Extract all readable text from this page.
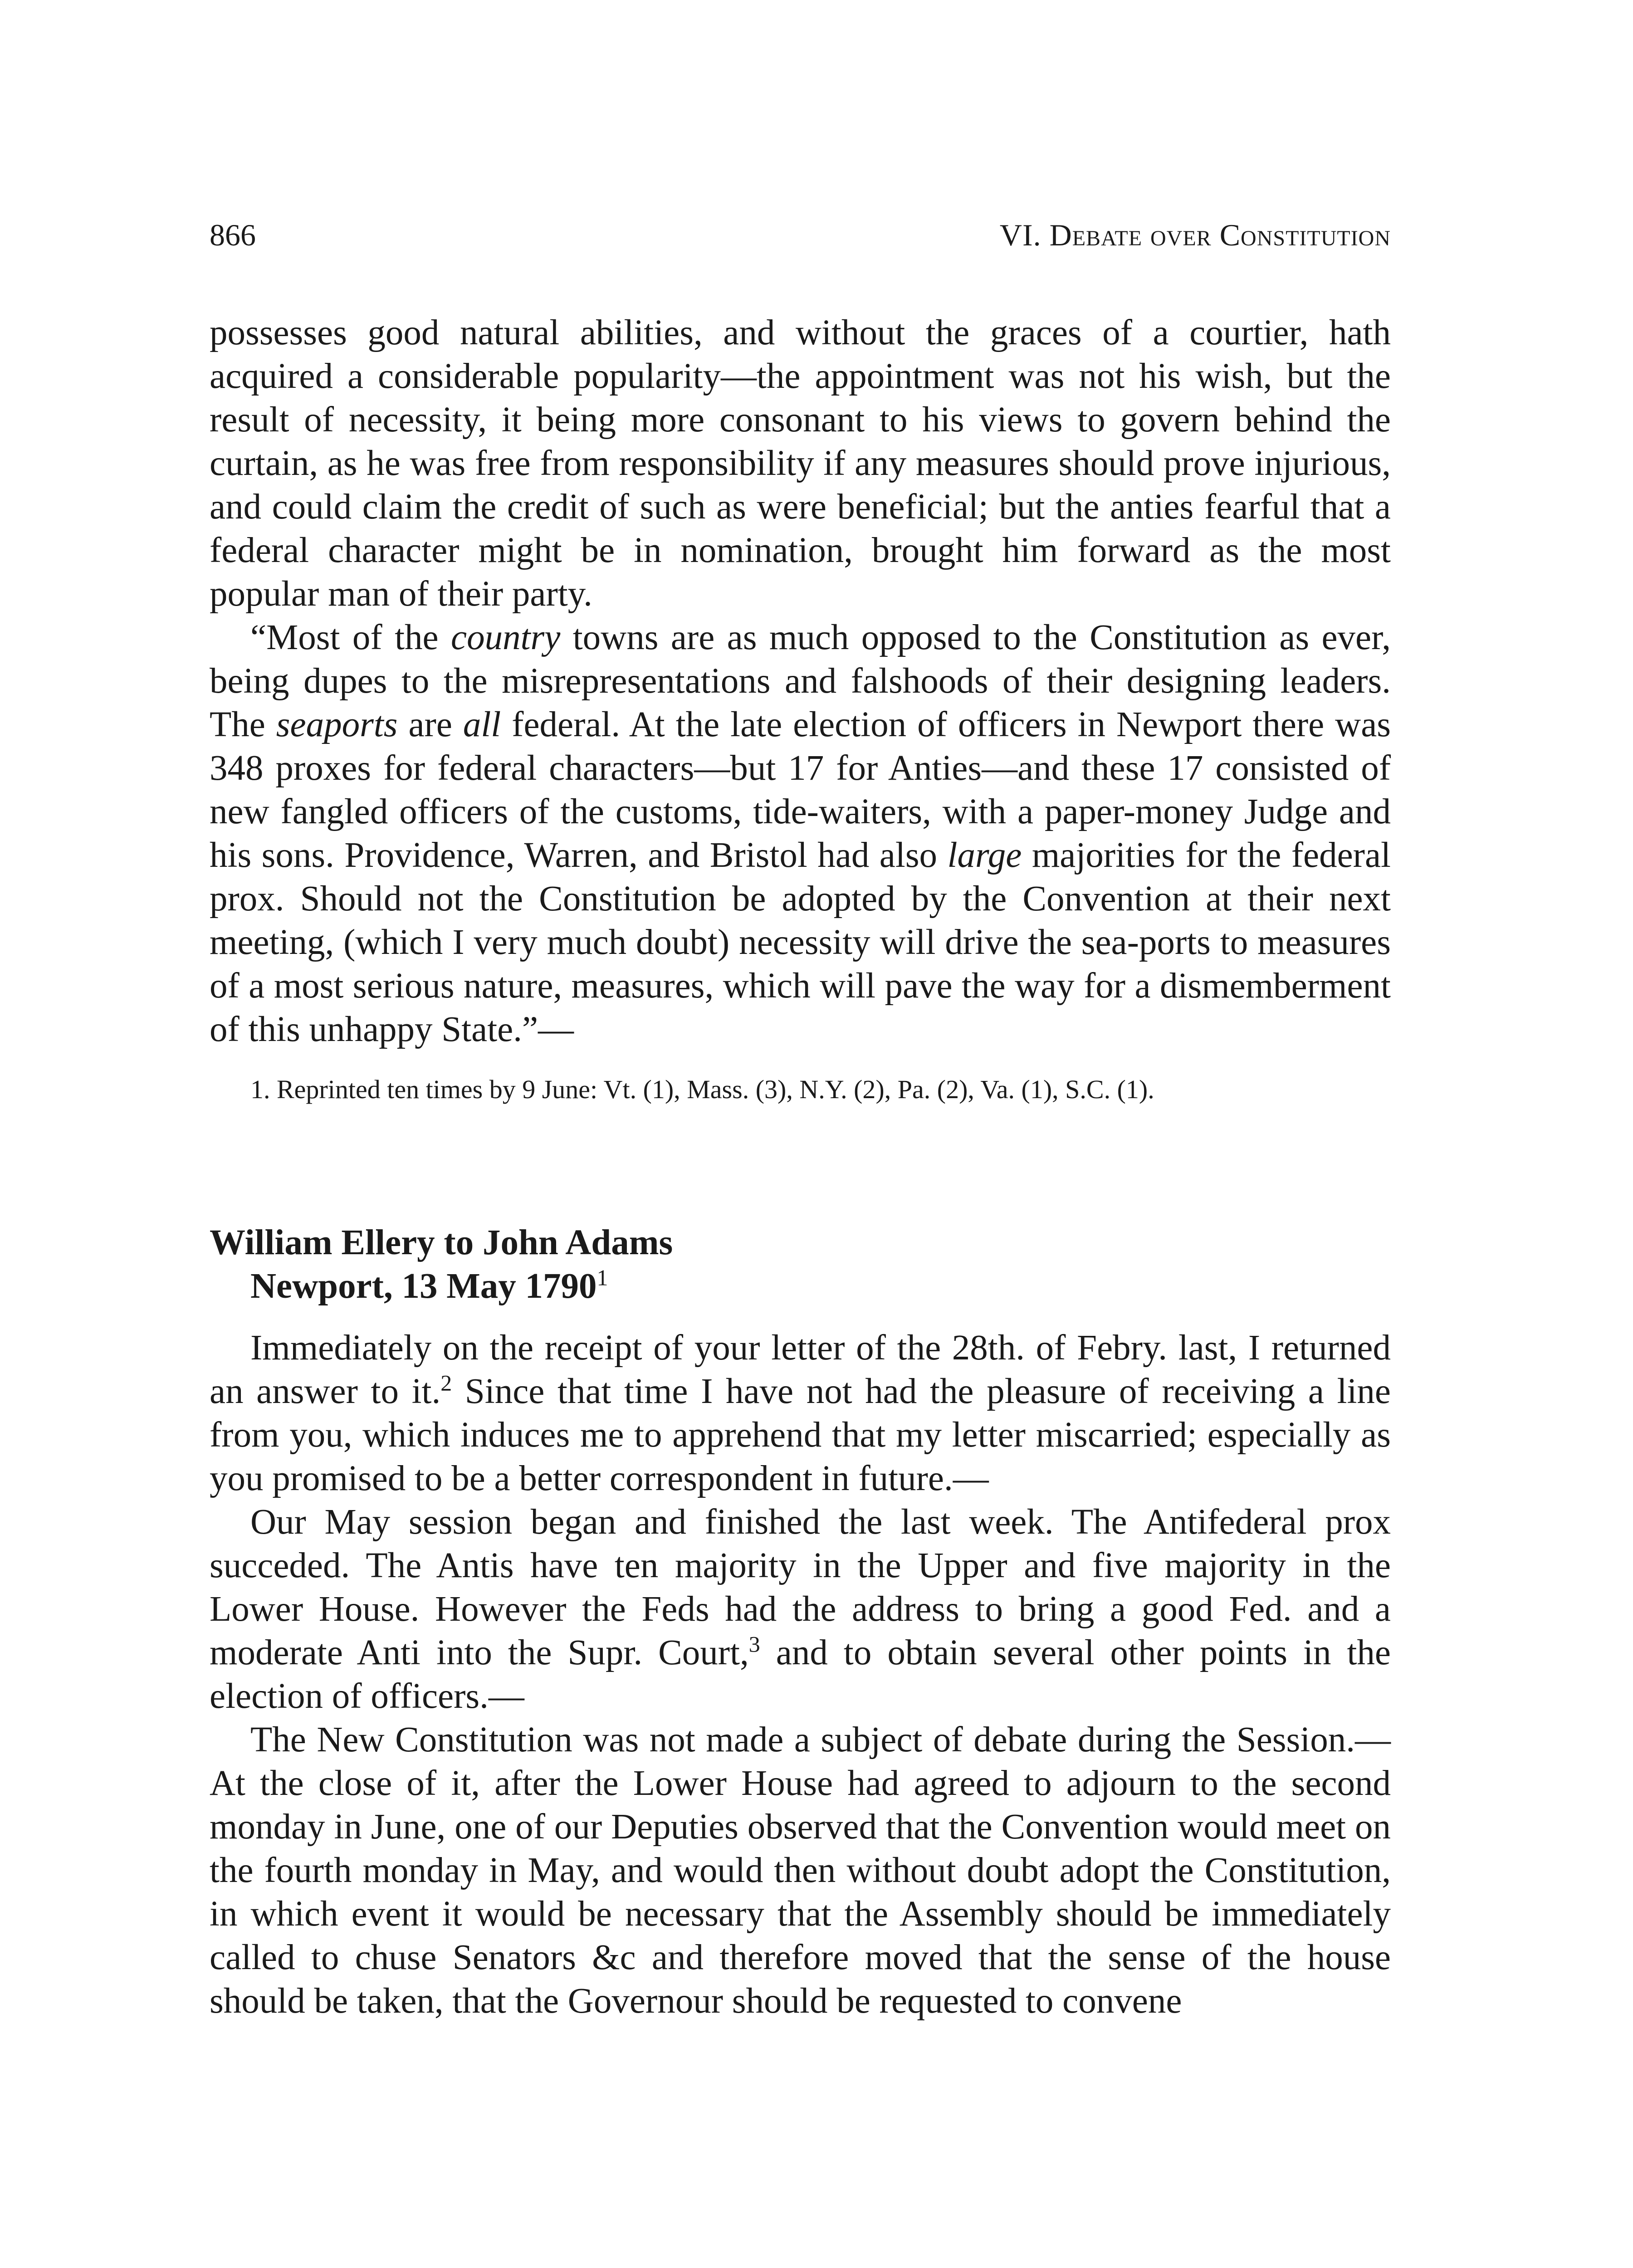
866	VI. Debate over Constitution

possesses good natural abilities, and without the graces of a courtier, hath acquired a considerable popularity—the appointment was not his wish, but the result of necessity, it being more consonant to his views to govern behind the curtain, as he was free from responsibility if any measures should prove injurious, and could claim the credit of such as were beneficial; but the anties fearful that a federal character might be in nomination, brought him forward as the most popular man of their party.

“Most of the country towns are as much opposed to the Constitution as ever, being dupes to the misrepresentations and falshoods of their designing leaders. The seaports are all federal. At the late election of officers in Newport there was 348 proxes for federal characters—but 17 for Anties—and these 17 consisted of new fangled officers of the customs, tide-waiters, with a paper-money Judge and his sons. Providence, Warren, and Bristol had also large majorities for the federal prox. Should not the Constitution be adopted by the Convention at their next meeting, (which I very much doubt) necessity will drive the sea-ports to measures of a most serious nature, measures, which will pave the way for a dismemberment of this unhappy State.”—

1. Reprinted ten times by 9 June: Vt. (1), Mass. (3), N.Y. (2), Pa. (2), Va. (1), S.C. (1).
William Ellery to John Adams
Newport, 13 May 1790$^1$

Immediately on the receipt of your letter of the 28th. of Febry. last, I returned an answer to it.$^2$ Since that time I have not had the pleasure of receiving a line from you, which induces me to apprehend that my letter miscarried; especially as you promised to be a better correspondent in future.—

Our May session began and finished the last week. The Antifederal prox succeded. The Antis have ten majority in the Upper and five majority in the Lower House. However the Feds had the address to bring a good Fed. and a moderate Anti into the Supr. Court,$^3$ and to obtain several other points in the election of officers.—

The New Constitution was not made a subject of debate during the Session.—At the close of it, after the Lower House had agreed to adjourn to the second monday in June, one of our Deputies observed that the Convention would meet on the fourth monday in May, and would then without doubt adopt the Constitution, in which event it would be necessary that the Assembly should be immediately called to chuse Senators &c and therefore moved that the sense of the house should be taken, that the Governour should be requested to convene
